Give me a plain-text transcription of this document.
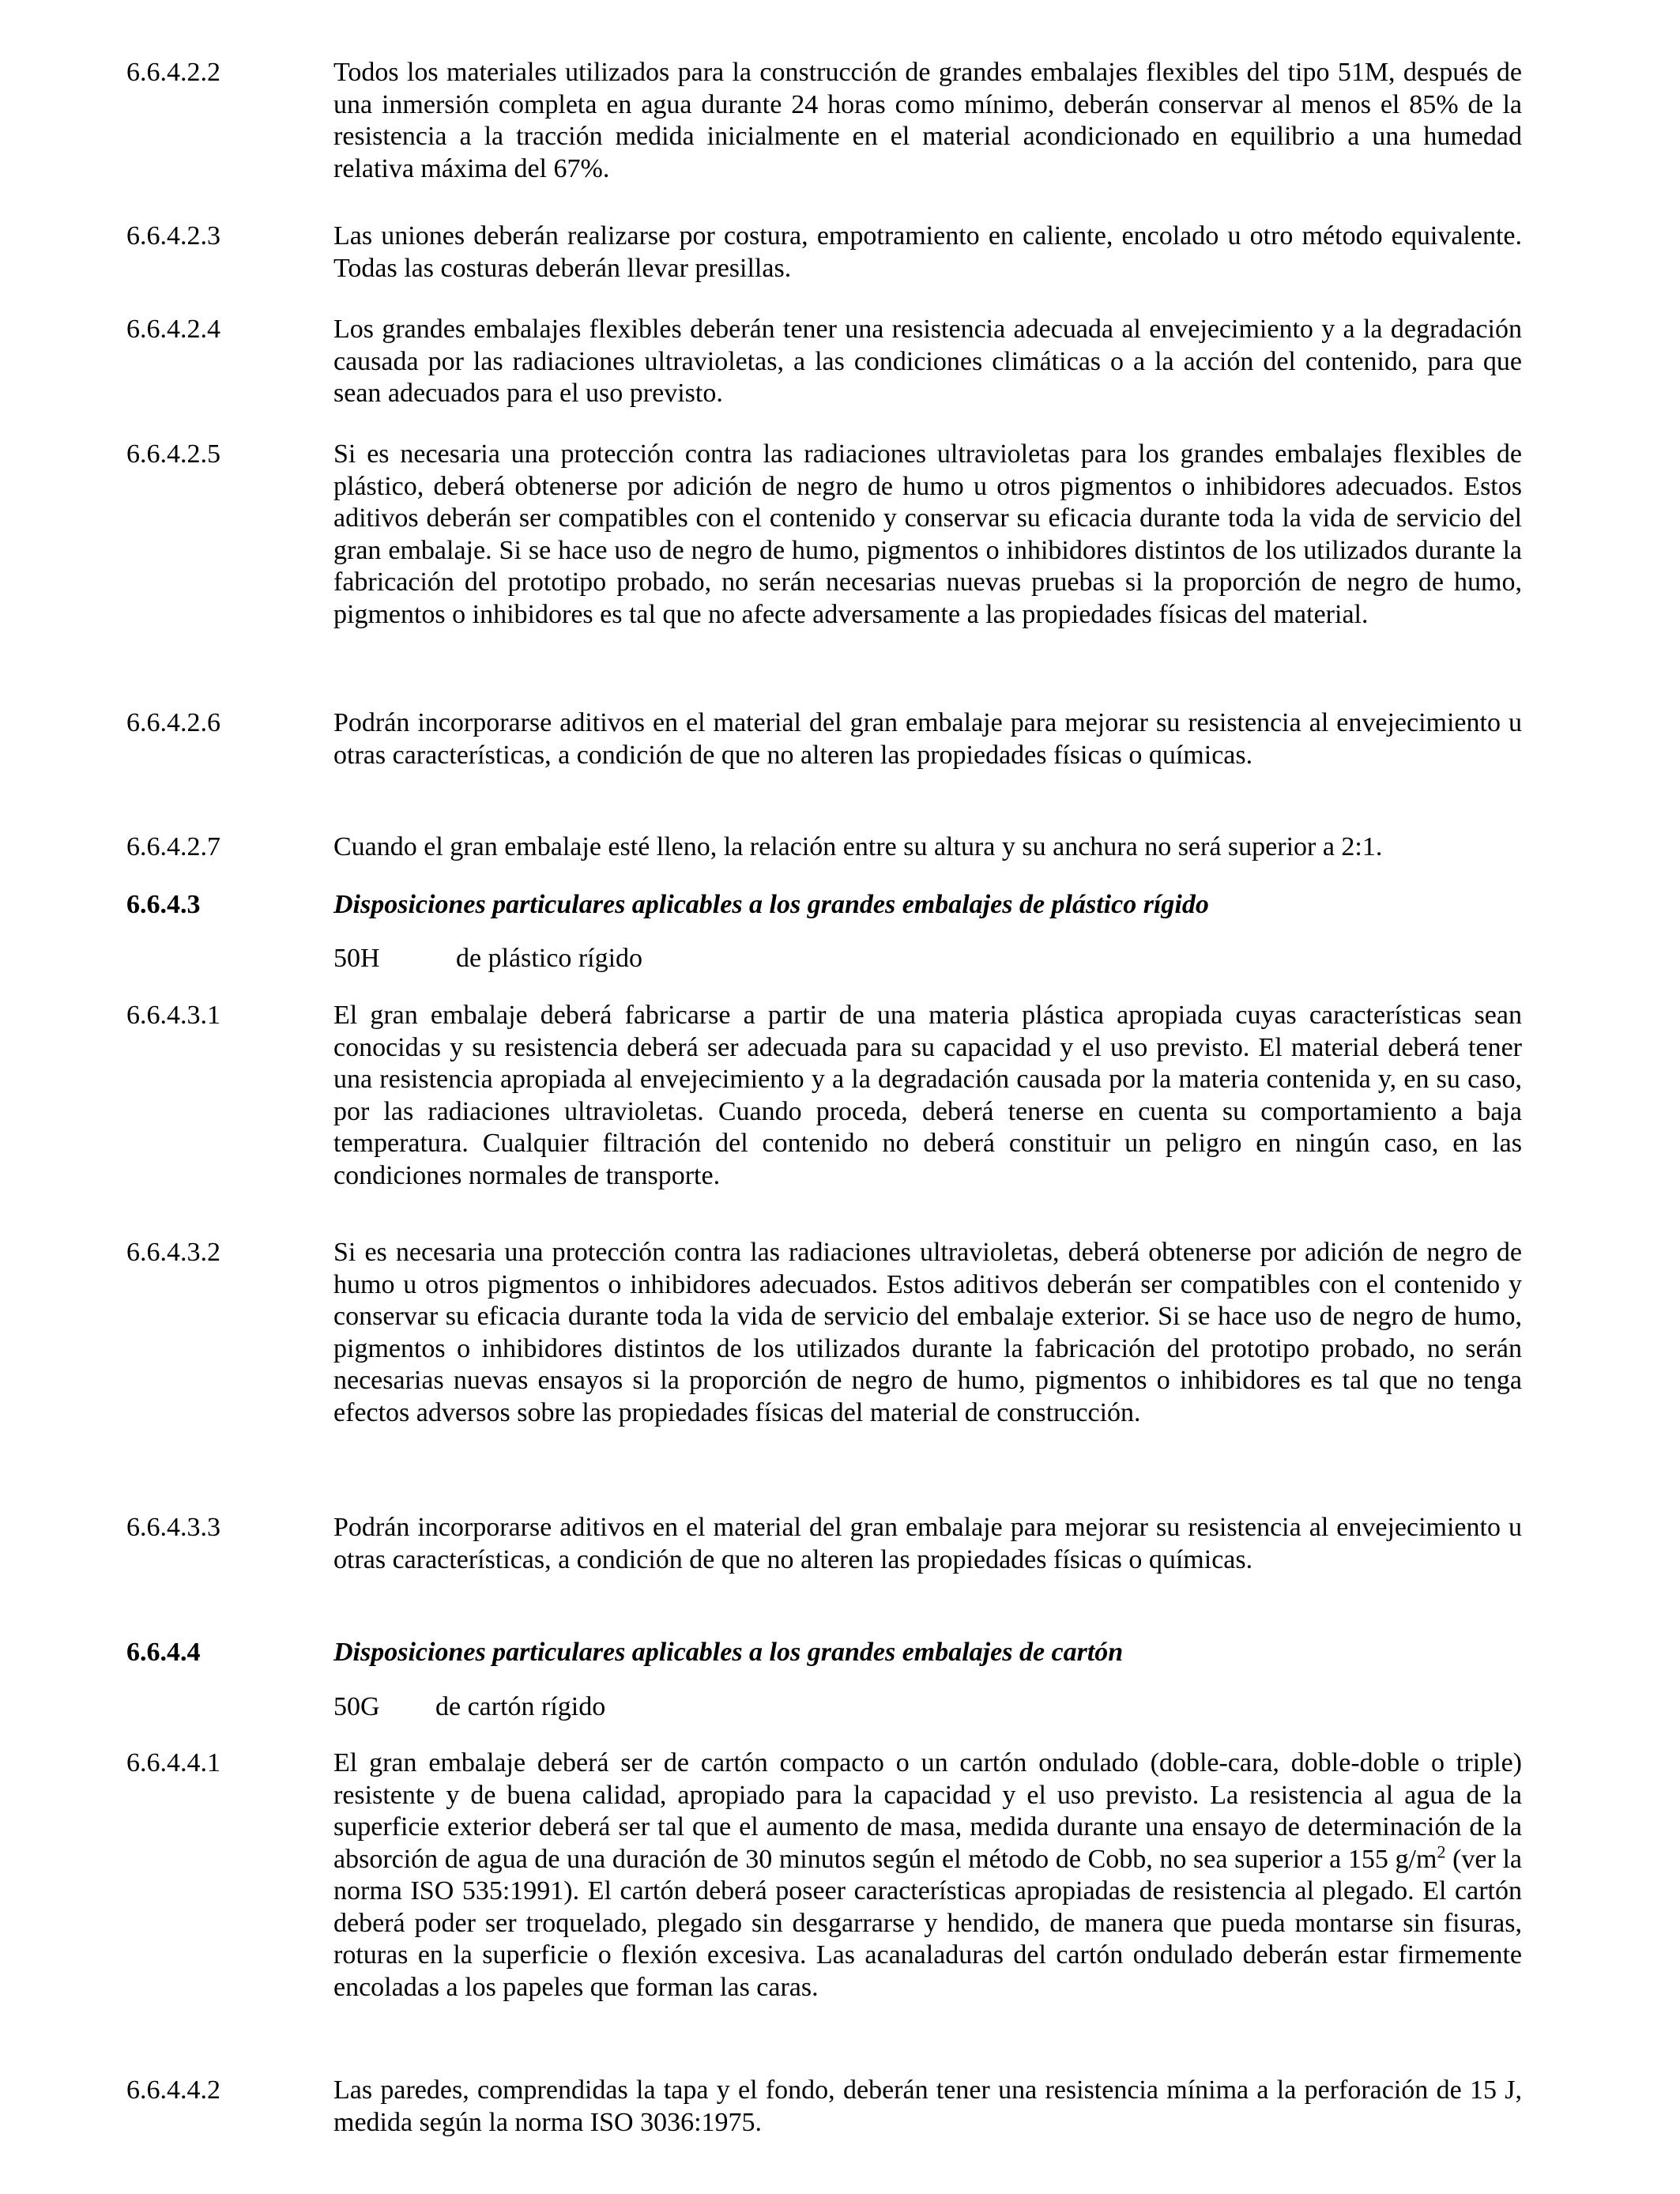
6.6.4.2.2	Todos los materiales utilizados para la construcción de grandes embalajes flexibles del tipo 51M, después de una inmersión completa en agua durante 24 horas como mínimo, deberán conservar al menos el 85% de la resistencia a la tracción medida inicialmente en el material acondicionado en equilibrio a una humedad relativa máxima del 67%.
6.6.4.2.3	Las uniones deberán realizarse por costura, empotramiento en caliente, encolado u otro método equivalente. Todas las costuras deberán llevar presillas.
6.6.4.2.4	Los grandes embalajes flexibles deberán tener una resistencia adecuada al envejecimiento y a la degradación causada por las radiaciones ultravioletas, a las condiciones climáticas o a la acción del contenido, para que sean adecuados para el uso previsto.
6.6.4.2.5	Si es necesaria una protección contra las radiaciones ultravioletas para los grandes embalajes flexibles de plástico, deberá obtenerse por adición de negro de humo u otros pigmentos o inhibidores adecuados. Estos aditivos deberán ser compatibles con el contenido y conservar su eficacia durante toda la vida de servicio del gran embalaje. Si se hace uso de negro de humo, pigmentos o inhibidores distintos de los utilizados durante la fabricación del prototipo probado, no serán necesarias nuevas pruebas si la proporción de negro de humo, pigmentos o inhibidores es tal que no afecte adversamente a las propiedades físicas del material.
6.6.4.2.6	Podrán incorporarse aditivos en el material del gran embalaje para mejorar su resistencia al envejecimiento u otras características, a condición de que no alteren las propiedades físicas o químicas.
6.6.4.2.7	Cuando el gran embalaje esté lleno, la relación entre su altura y su anchura no será superior a 2:1.
6.6.4.3	Disposiciones particulares aplicables a los grandes embalajes de plástico rígido
50H	de plástico rígido
6.6.4.3.1	El gran embalaje deberá fabricarse a partir de una materia plástica apropiada cuyas características sean conocidas y su resistencia deberá ser adecuada para su capacidad y el uso previsto. El material deberá tener una resistencia apropiada al envejecimiento y a la degradación causada por la materia contenida y, en su caso, por las radiaciones ultravioletas. Cuando proceda, deberá tenerse en cuenta su comportamiento a baja temperatura. Cualquier filtración del contenido no deberá constituir un peligro en ningún caso, en las condiciones normales de transporte.
6.6.4.3.2	Si es necesaria una protección contra las radiaciones ultravioletas, deberá obtenerse por adición de negro de humo u otros pigmentos o inhibidores adecuados. Estos aditivos deberán ser compatibles con el contenido y conservar su eficacia durante toda la vida de servicio del embalaje exterior. Si se hace uso de negro de humo, pigmentos o inhibidores distintos de los utilizados durante la fabricación del prototipo probado, no serán necesarias nuevas ensayos si la proporción de negro de humo, pigmentos o inhibidores es tal que no tenga efectos adversos sobre las propiedades físicas del material de construcción.
6.6.4.3.3	Podrán incorporarse aditivos en el material del gran embalaje para mejorar su resistencia al envejecimiento u otras características, a condición de que no alteren las propiedades físicas o químicas.
6.6.4.4	Disposiciones particulares aplicables a los grandes embalajes de cartón
50G de cartón rígido
6.6.4.4.1	El gran embalaje deberá ser de cartón compacto o un cartón ondulado (doble-cara, doble-doble o triple) resistente y de buena calidad, apropiado para la capacidad y el uso previsto. La resistencia al agua de la superficie exterior deberá ser tal que el aumento de masa, medida durante una ensayo de determinación de la absorción de agua de una duración de 30 minutos según el método de Cobb, no sea superior a 155 $g/m^2$ (ver la norma ISO 535:1991). El cartón deberá poseer características apropiadas de resistencia al plegado. El cartón deberá poder ser troquelado, plegado sin desgarrarse y hendido, de manera que pueda montarse sin fisuras, roturas en la superficie o flexión excesiva. Las acanaladuras del cartón ondulado deberán estar firmemente encoladas a los papeles que forman las caras.
6.6.4.4.2	Las paredes, comprendidas la tapa y el fondo, deberán tener una resistencia mínima a la perforación de 15 J, medida según la norma ISO 3036:1975.
